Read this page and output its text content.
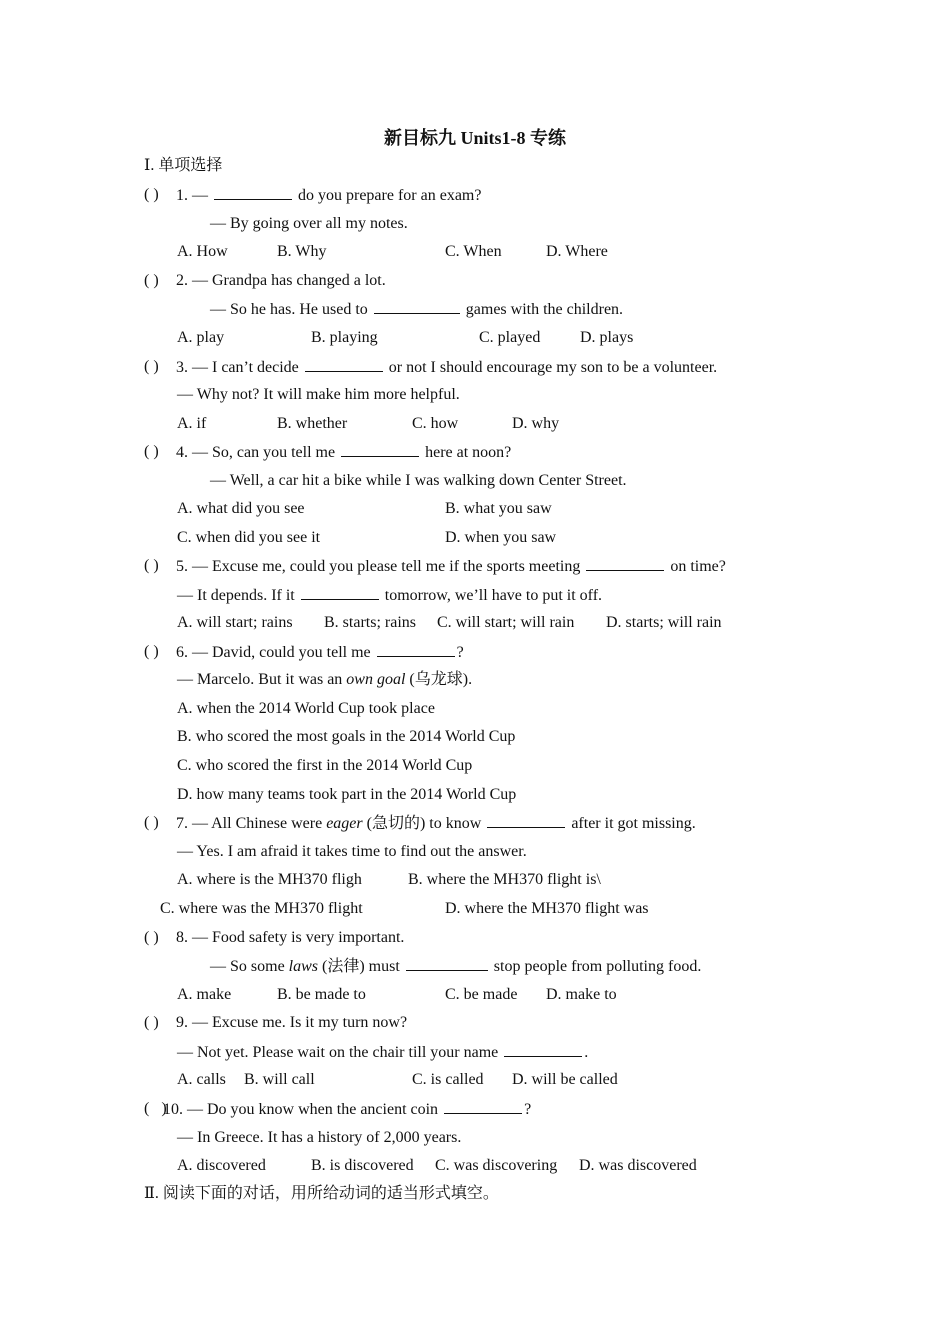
新目标九 Units1-8 专练
Ⅰ. 单项选择
( ) 1. —	do you prepare for an exam?
— By going over all my notes.
A. How	B. Why	C. When	D. Where
( ) 2. — Grandpa has changed a lot.
— So he has. He used to	games with the children.
A. play	B. playing	C. played D. plays
( ) 3. — I can’t decide	or not I should encourage my son to be a volunteer.
— Why not? It will make him more helpful.
A. if	B. whether	C. how	D. why
( ) 4. — So, can you tell me	here at noon?
— Well, a car hit a bike while I was walking down Center Street.
A. what did you see	B. what you saw
C. when did you see it	D. when you saw
( ) 5. — Excuse me, could you please tell me if the sports meeting	on time?
— It depends. If it	tomorrow, we’ll have to put it off.
A. will start; rains B. starts; rains C. will start; will rain D. starts; will rain
( ) 6. — David, could you tell me	?
— Marcelo. But it was an own goal (乌龙球).
A. when the 2014 World Cup took place
B. who scored the most goals in the 2014 World Cup
C. who scored the first in the 2014 World Cup
D. how many teams took part in the 2014 World Cup
( ) 7. — All Chinese were eager (急切的) to know	after it got missing.
— Yes. I am afraid it takes time to find out the answer.
A. where is the MH370 fligh	B. where the MH370 flight is\
C. where was the MH370 flight	D. where the MH370 flight was
( ) 8. — Food safety is very important.
— So some laws (法律) must	stop people from polluting food.
A. make	B. be made to	C. be made D. make to
( ) 9. — Excuse me. Is it my turn now?
— Not yet. Please wait on the chair till your name	.
A. calls B. will call	C. is called D. will be called
(   )
10. — Do you know when the ancient coin	?
— In Greece. It has a history of 2,000 years.
A. discovered	B. is discovered C. was discovering D. was discovered
Ⅱ. 阅读下面的对话，用所给动词的适当形式填空。
